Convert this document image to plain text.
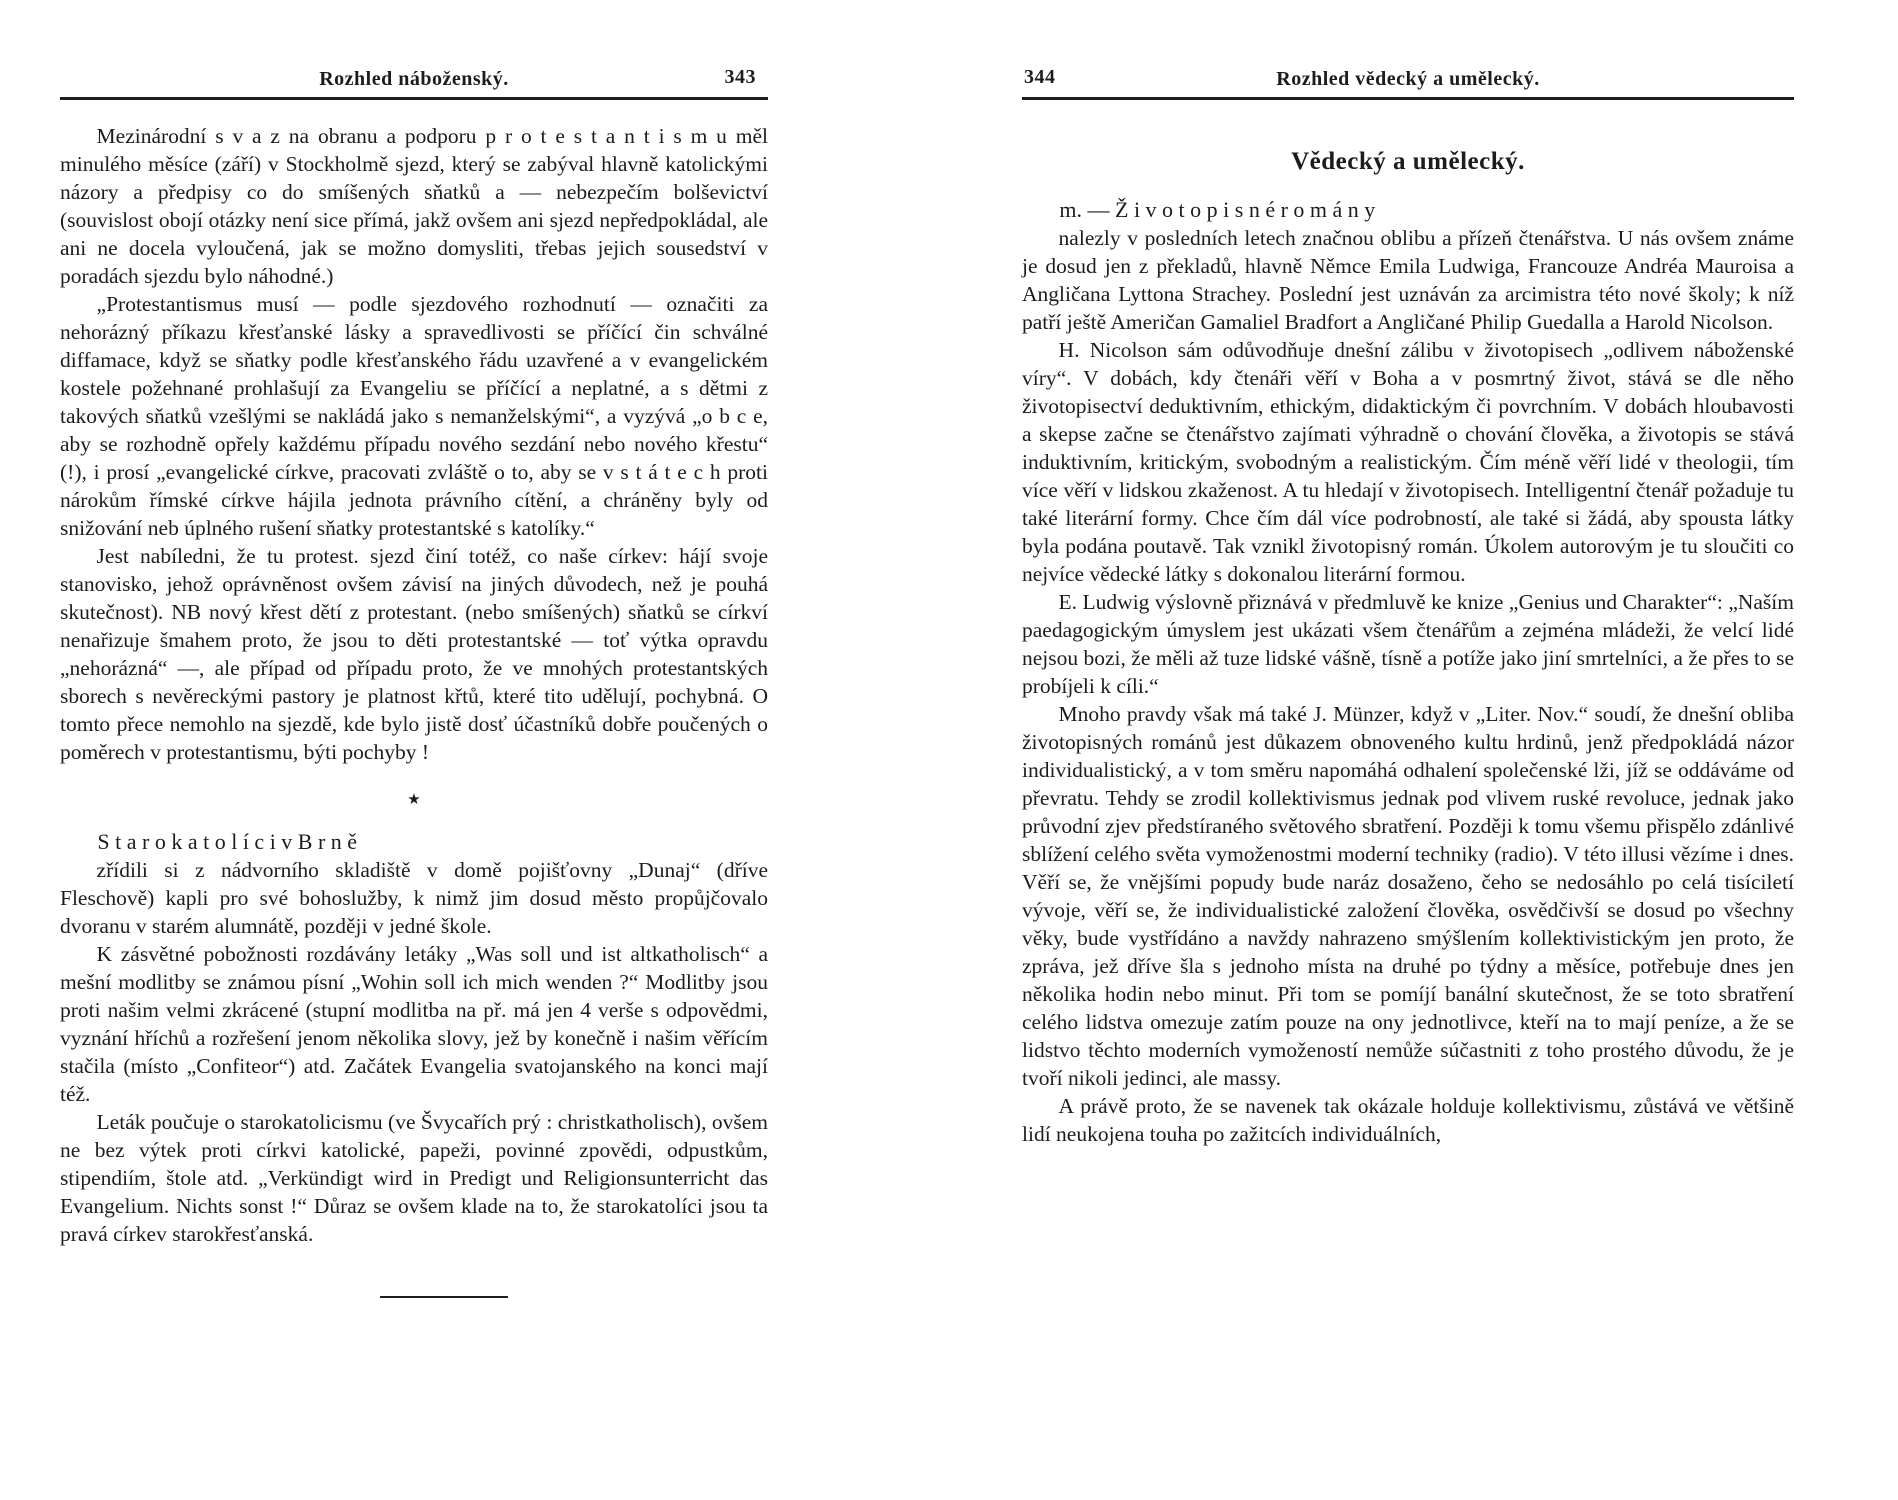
Rozhled náboženský.	343

Mezinárodní s v a z na obranu a podporu p r o t e s t a n t i s m u měl minulého měsíce (září) v Stockholmě sjezd, který se zabýval hlavně katolickými názory a předpisy co do smíšených sňatků a — nebezpečím bolševictví (souvislost obojí otázky není sice přímá, jakž ovšem ani sjezd nepředpokládal, ale ani ne docela vyloučená, jak se možno domysliti, třebas jejich sousedství v poradách sjezdu bylo náhodné.)

„Protestantismus musí — podle sjezdového rozhodnutí — označiti za nehorázný příkazu křesťanské lásky a spravedlivosti se příčící čin schválné diffamace, když se sňatky podle křesťanského řádu uzavřené a v evangelickém kostele požehnané prohlašují za Evangeliu se příčící a neplatné, a s dětmi z takových sňatků vzešlými se nakládá jako s nemanželskými“, a vyzývá „o b c e, aby se rozhodně opřely každému případu nového sezdání nebo nového křestu“ (!), i prosí „evangelické církve, pracovati zvláště o to, aby se v s t á t e c h proti nárokům římské církve hájila jednota právního cítění, a chráněny byly od snižování neb úplného rušení sňatky protestantské s katolíky.“

Jest nabíledni, že tu protest. sjezd činí totéž, co naše církev: hájí svoje stanovisko, jehož oprávněnost ovšem závisí na jiných důvodech, než je pouhá skutečnost). NB nový křest dětí z protestant. (nebo smíšených) sňatků se církví nenařizuje šmahem proto, že jsou to děti protestantské — toť výtka opravdu „nehorázná“ —, ale případ od případu proto, že ve mnohých protestantských sborech s nevěreckými pastory je platnost křtů, které tito udělují, pochybná. O tomto přece nemohlo na sjezdě, kde bylo jistě dosť účastníků dobře poučených o poměrech v protestantismu, býti pochyby !

★

S t a r o k a t o l í c i v B r n ě

zřídili si z nádvorního skladiště v domě pojišťovny „Dunaj“ (dříve Fleschově) kapli pro své bohoslužby, k nimž jim dosud město propůjčovalo dvoranu v starém alumnátě, později v jedné škole.

K zásvětné pobožnosti rozdávány letáky „Was soll und ist altkatholisch“ a mešní modlitby se známou písní „Wohin soll ich mich wenden ?“ Modlitby jsou proti našim velmi zkrácené (stupní modlitba na př. má jen 4 verše s odpovědmi, vyznání hříchů a rozřešení jenom několika slovy, jež by konečně i našim věřícím stačila (místo „Confiteor“) atd. Začátek Evangelia svatojanského na konci mají též.

Leták poučuje o starokatolicismu (ve Švycařích prý : christkatholisch), ovšem ne bez výtek proti církvi katolické, papeži, povinné zpovědi, odpustkům, stipendiím, štole atd. „Verkündigt wird in Predigt und Religionsunterricht das Evangelium. Nichts sonst !“ Důraz se ovšem klade na to, že starokatolíci jsou ta pravá církev starokřesťanská.

344	Rozhled vědecký a umělecký.
Vědecký a umělecký.

m. — Ž i v o t o p i s n é r o m á n y

nalezly v posledních letech značnou oblibu a přízeň čtenářstva. U nás ovšem známe je dosud jen z překladů, hlavně Němce Emila Ludwiga, Francouze Andréa Mauroisa a Angličana Lyttona Strachey. Poslední jest uznáván za arcimistra této nové školy; k níž patří ještě Američan Gamaliel Bradfort a Angličané Philip Guedalla a Harold Nicolson.

H. Nicolson sám odůvodňuje dnešní zálibu v životopisech „odlivem náboženské víry“. V dobách, kdy čtenáři věří v Boha a v posmrtný život, stává se dle něho životopisectví deduktivním, ethickým, didaktickým či povrchním. V dobách hloubavosti a skepse začne se čtenářstvo zajímati výhradně o chování člověka, a životopis se stává induktivním, kritickým, svobodným a realistickým. Čím méně věří lidé v theologii, tím více věří v lidskou zkaženost. A tu hledají v životopisech. Intelligentní čtenář požaduje tu také literární formy. Chce čím dál více podrobností, ale také si žádá, aby spousta látky byla podána poutavě. Tak vznikl životopisný román. Úkolem autorovým je tu sloučiti co nejvíce vědecké látky s dokonalou literární formou.

E. Ludwig výslovně přiznává v předmluvě ke knize „Genius und Charakter“: „Naším paedagogickým úmyslem jest ukázati všem čtenářům a zejména mládeži, že velcí lidé nejsou bozi, že měli až tuze lidské vášně, tísně a potíže jako jiní smrtelníci, a že přes to se probíjeli k cíli.“

Mnoho pravdy však má také J. Münzer, když v „Liter. Nov.“ soudí, že dnešní obliba životopisných románů jest důkazem obnoveného kultu hrdinů, jenž předpokládá názor individualistický, a v tom směru napomáhá odhalení společenské lži, jíž se oddáváme od převratu. Tehdy se zrodil kollektivismus jednak pod vlivem ruské revoluce, jednak jako průvodní zjev předstíraného světového sbratření. Později k tomu všemu přispělo zdánlivé sblížení celého světa vymoženostmi moderní techniky (radio). V této illusi vězíme i dnes. Věří se, že vnějšími popudy bude naráz dosaženo, čeho se nedosáhlo po celá tisíciletí vývoje, věří se, že individualistické založení člověka, osvědčivší se dosud po všechny věky, bude vystřídáno a navždy nahrazeno smýšlením kollektivistickým jen proto, že zpráva, jež dříve šla s jednoho místa na druhé po týdny a měsíce, potřebuje dnes jen několika hodin nebo minut. Při tom se pomíjí banální skutečnost, že se toto sbratření celého lidstva omezuje zatím pouze na ony jednotlivce, kteří na to mají peníze, a že se lidstvo těchto moderních vymožeností nemůže súčastniti z toho prostého důvodu, že je tvoří nikoli jedinci, ale massy.

A právě proto, že se navenek tak okázale holduje kollektivismu, zůstává ve většině lidí neukojena touha po zažitcích individuálních,
